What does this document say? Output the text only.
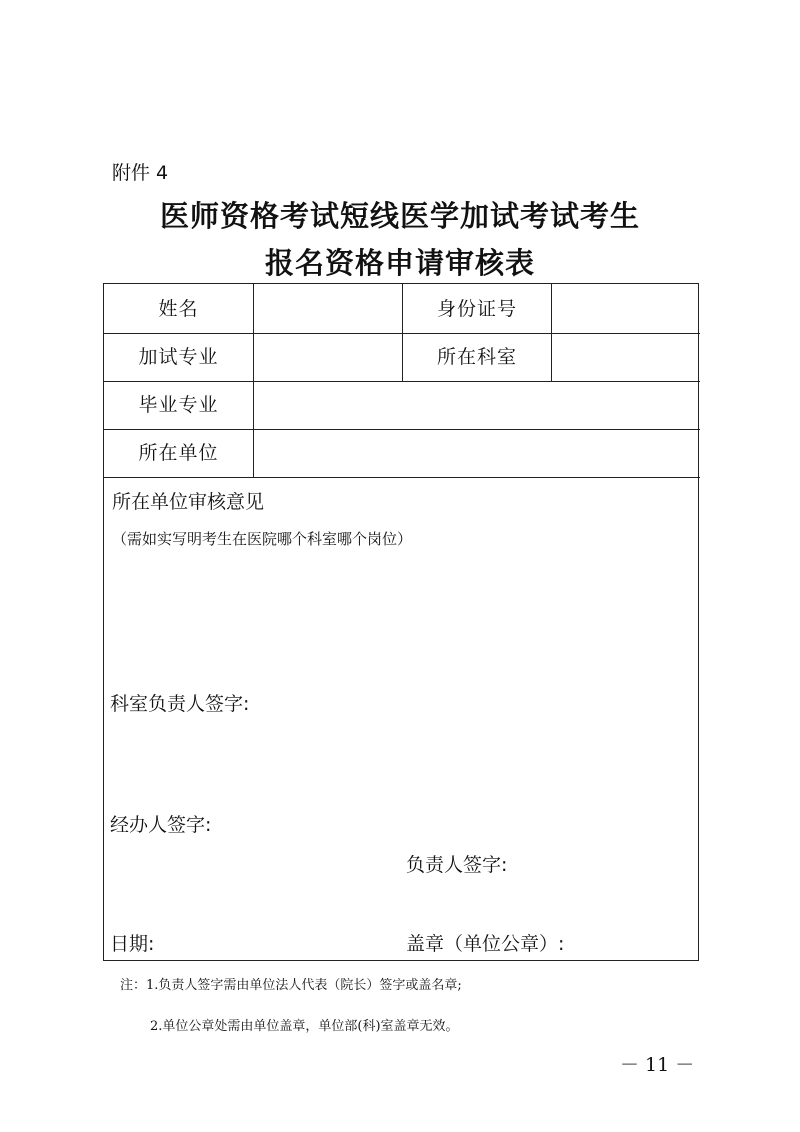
附件 4
医师资格考试短线医学加试考试考生
报名资格申请审核表
姓名	身份证号
加试专业	所在科室
毕业专业
所在单位
所在单位审核意见
（需如实写明考生在医院哪个科室哪个岗位）
科室负责人签字:
经办人签字:
负责人签字:
日期:	盖章（单位公章）:
注：1.负责人签字需由单位法人代表（院长）签字或盖名章;
2.单位公章处需由单位盖章，单位部(科)室盖章无效。
－ 11 －
